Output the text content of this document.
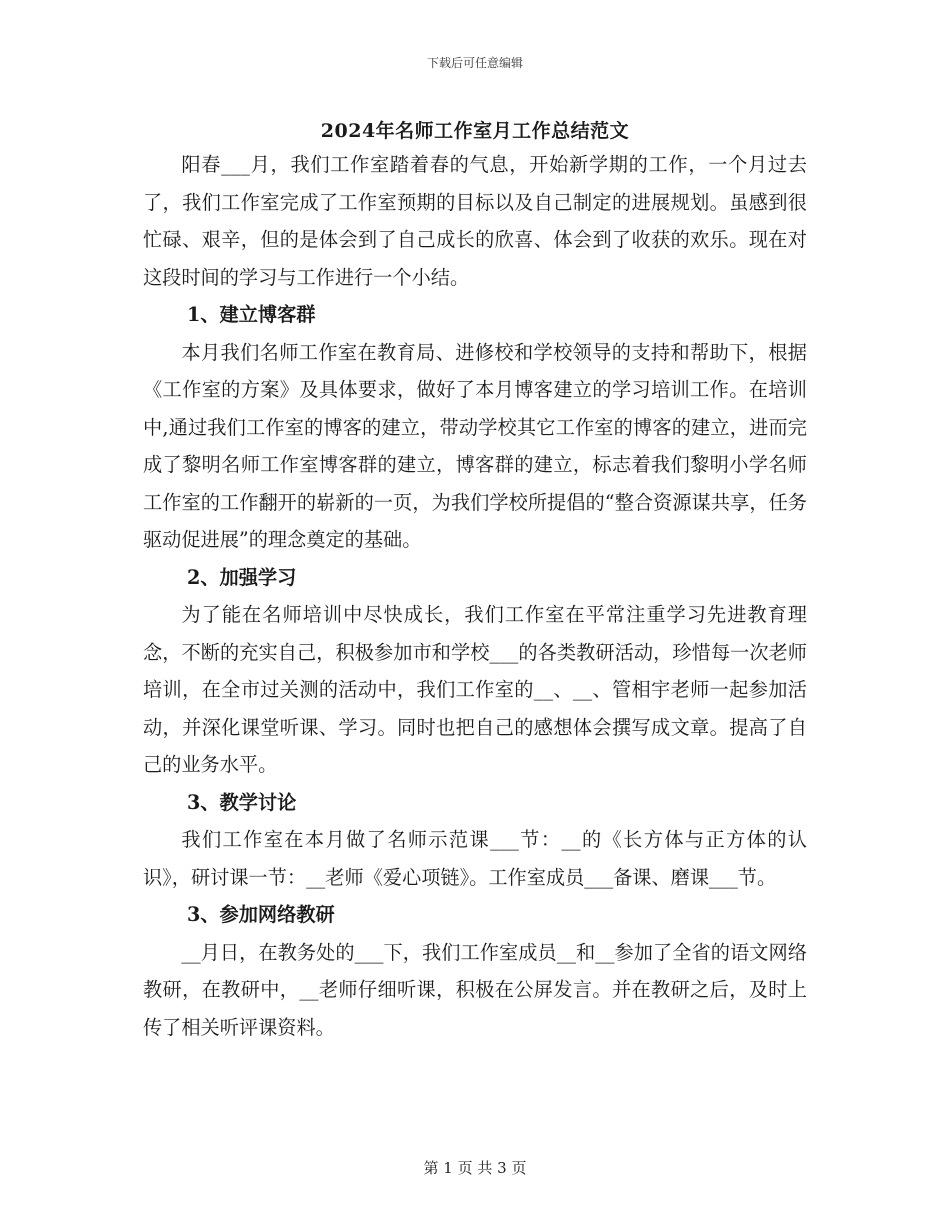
下载后可任意编辑
2024年名师工作室月工作总结范文

阳春___月，我们工作室踏着春的气息，开始新学期的工作，一个月过去了，我们工作室完成了工作室预期的目标以及自己制定的进展规划。虽感到很忙碌、艰辛，但的是体会到了自己成长的欣喜、体会到了收获的欢乐。现在对这段时间的学习与工作进行一个小结。

1、建立博客群

本月我们名师工作室在教育局、进修校和学校领导的支持和帮助下，根据《工作室的方案》及具体要求，做好了本月博客建立的学习培训工作。在培训中,通过我们工作室的博客的建立，带动学校其它工作室的博客的建立，进而完成了黎明名师工作室博客群的建立，博客群的建立，标志着我们黎明小学名师工作室的工作翻开的崭新的一页，为我们学校所提倡的“整合资源谋共享，任务驱动促进展”的理念奠定的基础。

2、加强学习

为了能在名师培训中尽快成长，我们工作室在平常注重学习先进教育理念，不断的充实自己，积极参加市和学校___的各类教研活动，珍惜每一次老师培训，在全市过关测的活动中，我们工作室的__、__、管相宇老师一起参加活动，并深化课堂听课、学习。同时也把自己的感想体会撰写成文章。提高了自己的业务水平。

3、教学讨论

我们工作室在本月做了名师示范课___节：__的《长方体与正方体的认识》，研讨课一节：__老师《爱心项链》。工作室成员___备课、磨课___节。

3、参加网络教研

__月日，在教务处的___下，我们工作室成员__和__参加了全省的语文网络教研，在教研中，__老师仔细听课，积极在公屏发言。并在教研之后，及时上传了相关听评课资料。

第 1 页 共 3 页
